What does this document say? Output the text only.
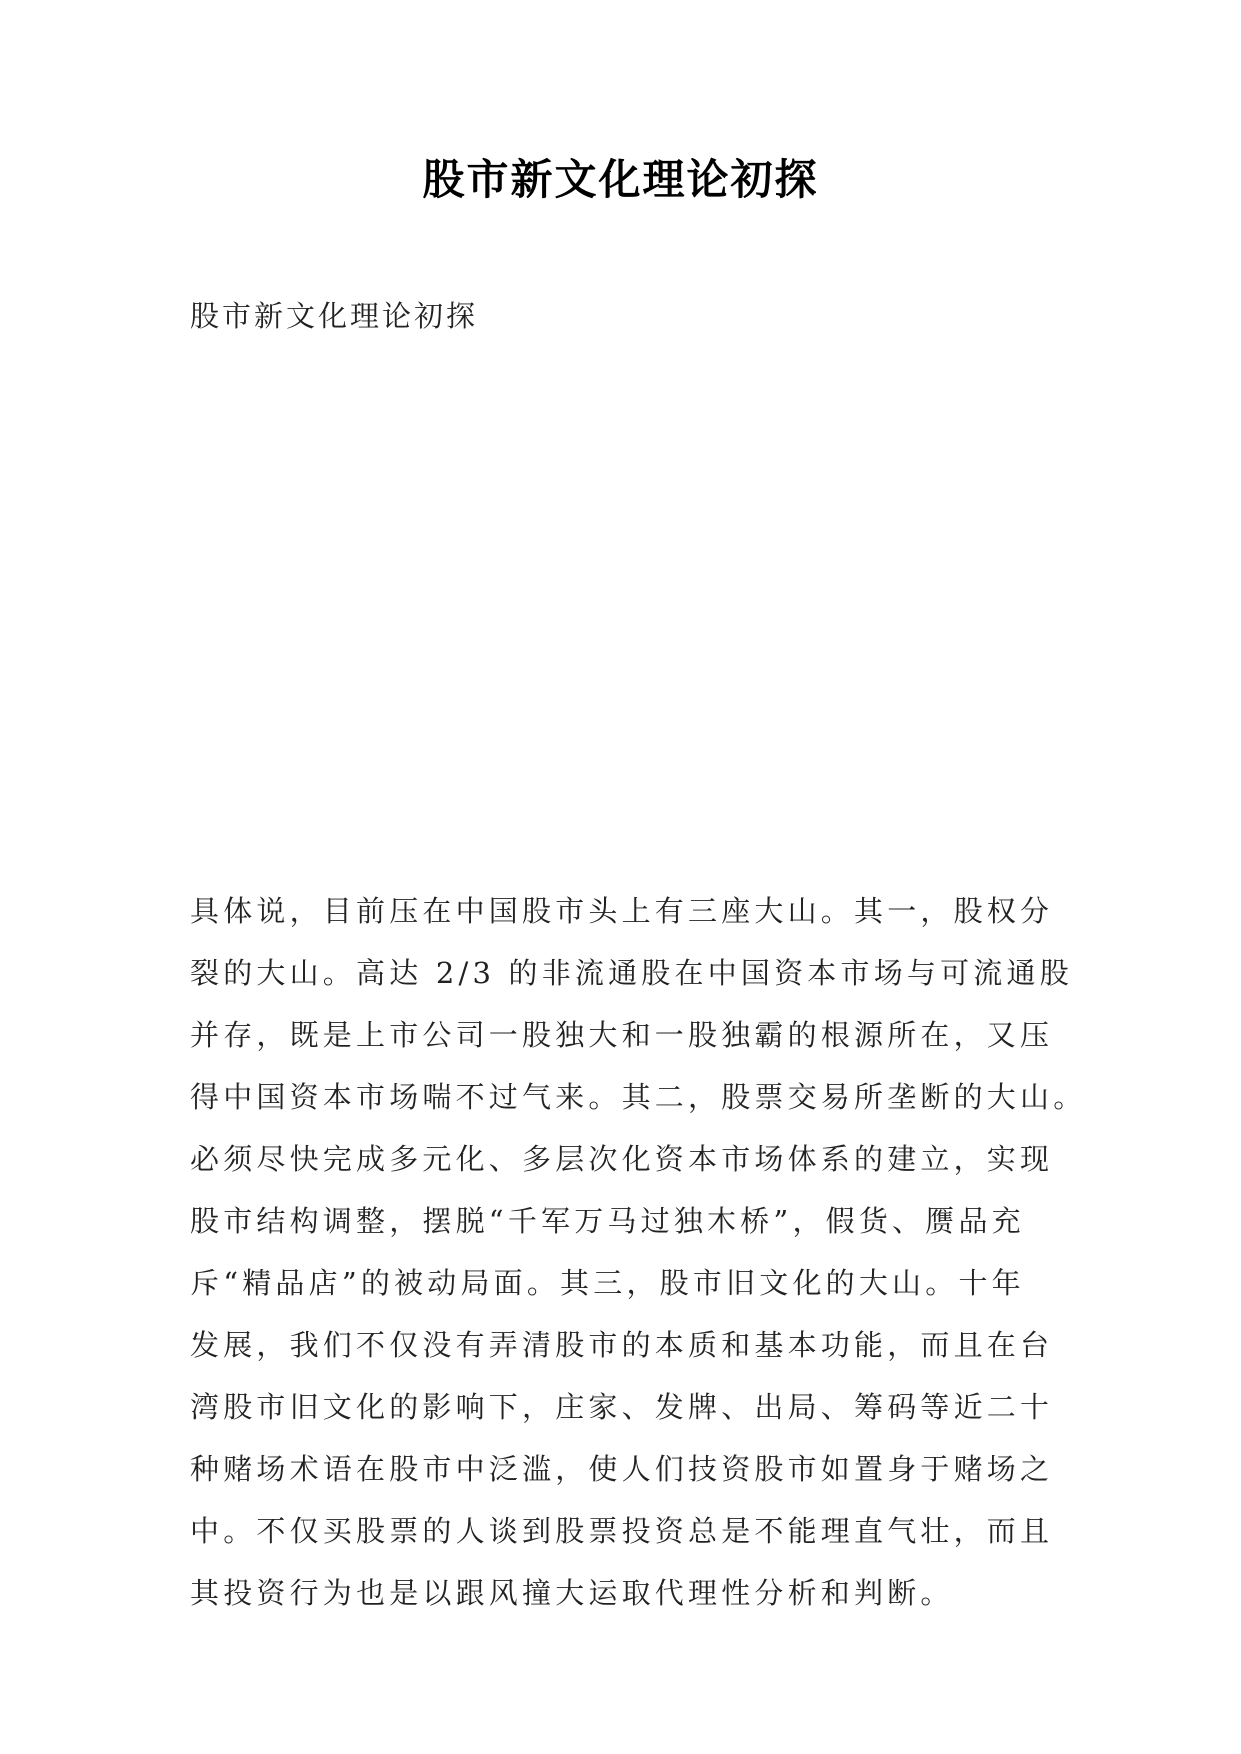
股市新文化理论初探

股市新文化理论初探

具体说，目前压在中国股市头上有三座大山。其一，股权分
裂的大山。高达 2/3 的非流通股在中国资本市场与可流通股
并存，既是上市公司一股独大和一股独霸的根源所在，又压
得中国资本市场喘不过气来。其二，股票交易所垄断的大山。
必须尽快完成多元化、多层次化资本市场体系的建立，实现
股市结构调整，摆脱“千军万马过独木桥”，假货、赝品充
斥“精品店”的被动局面。其三，股市旧文化的大山。十年
发展，我们不仅没有弄清股市的本质和基本功能，而且在台
湾股市旧文化的影响下，庄家、发牌、出局、筹码等近二十
种赌场术语在股市中泛滥，使人们技资股市如置身于赌场之
中。不仅买股票的人谈到股票投资总是不能理直气壮，而且
其投资行为也是以跟风撞大运取代理性分析和判断。
